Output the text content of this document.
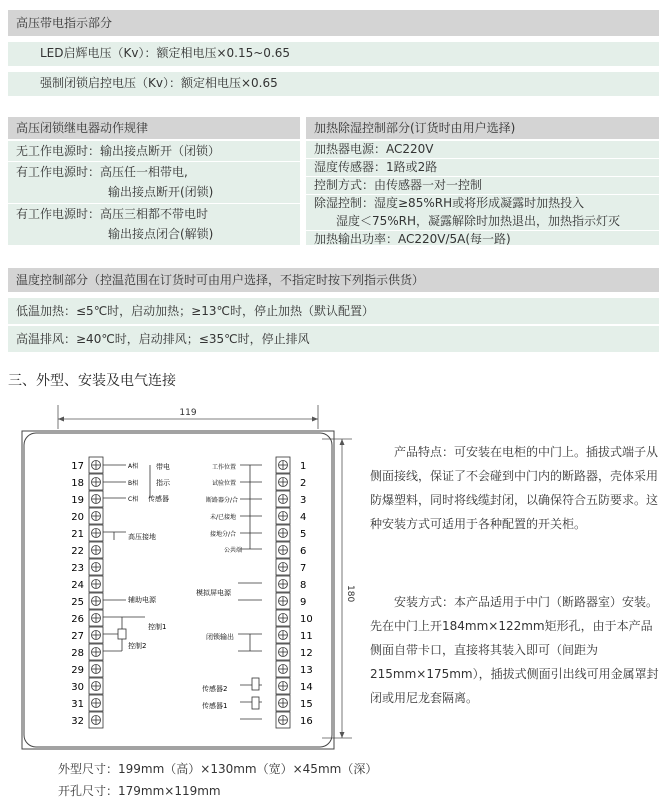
高压带电指示部分
LED启辉电压（Kv）：额定相电压×0.15~0.65
强制闭锁启控电压（Kv）：额定相电压×0.65
高压闭锁继电器动作规律
无工作电源时：输出接点断开（闭锁）
有工作电源时：高压任一相带电,
输出接点断开(闭锁)
有工作电源时：高压三相都不带电时
输出接点闭合(解锁)
加热除湿控制部分(订货时由用户选择)
加热器电源：AC220V
湿度传感器：1路或2路
控制方式：由传感器一对一控制
除湿控制：湿度≥85%RH或将形成凝露时加热投入
湿度＜75%RH，凝露解除时加热退出，加热指示灯灭
加热输出功率：AC220V/5A(每一路)
温度控制部分（控温范围在订货时可由用户选择，不指定时按下列指示供货）
低温加热：≤5℃时，启动加热；≥13℃时，停止加热（默认配置）
高温排风：≥40℃时，启动排风；≤35℃时，停止排风
三、外型、安装及电气连接
119
180
17
18
19
20
21
22
23
24
25
26
27
28
29
30
31
32
1
2
3
4
5
6
7
8
9
10
11
12
13
14
15
16
A相
B相
C相
带电
指示
传感器
高压接地
辅助电源
控制1
控制2
工作位置
试验位置
断路器分/合
未/已接地
接地分/合
公共端
模拟屏电源
闭锁输出
传感器2
传感器1
产品特点：可安装在电柜的中门上。插拔式端子从侧面接线，保证了不会碰到中门内的断路器，壳体采用防爆塑料，同时将线缆封闭，以确保符合五防要求。这种安装方式可适用于各种配置的开关柜。
安装方式：本产品适用于中门（断路器室）安装。先在中门上开184mm×122mm矩形孔，由于本产品侧面自带卡口，直接将其装入即可（间距为215mm×175mm），插拔式侧面引出线可用金属罩封闭或用尼龙套隔离。
外型尺寸：199mm（高）×130mm（宽）×45mm（深）
开孔尺寸：179mm×119mm
